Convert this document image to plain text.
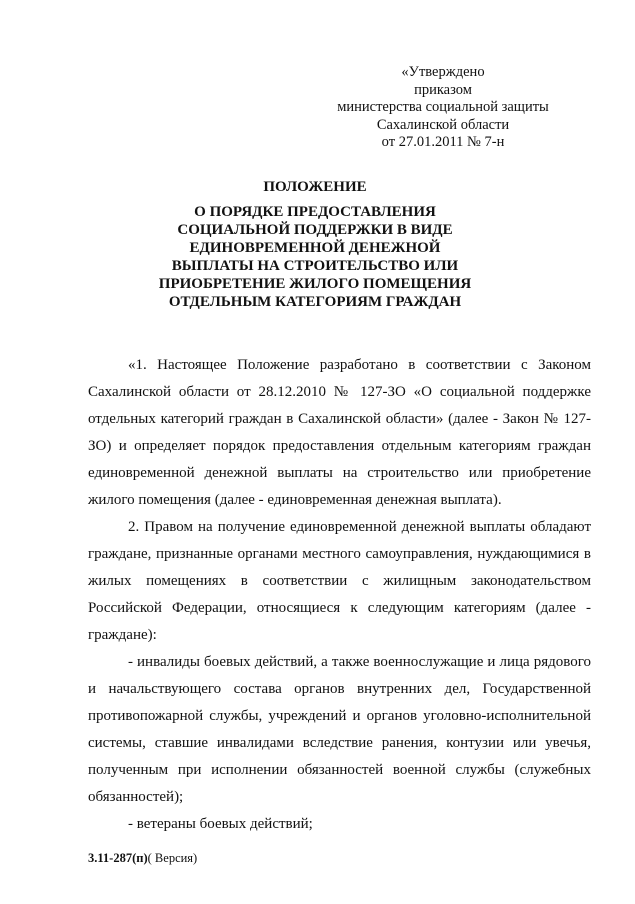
«Утверждено
приказом
министерства социальной защиты
Сахалинской области
от 27.01.2011 № 7-н
ПОЛОЖЕНИЕ
О ПОРЯДКЕ ПРЕДОСТАВЛЕНИЯ
СОЦИАЛЬНОЙ ПОДДЕРЖКИ В ВИДЕ
ЕДИНОВРЕМЕННОЙ ДЕНЕЖНОЙ
ВЫПЛАТЫ НА СТРОИТЕЛЬСТВО ИЛИ
ПРИОБРЕТЕНИЕ ЖИЛОГО ПОМЕЩЕНИЯ
ОТДЕЛЬНЫМ КАТЕГОРИЯМ ГРАЖДАН

«1. Настоящее Положение разработано в соответствии с Законом Сахалинской области от 28.12.2010 № 127-ЗО «О социальной поддержке отдельных категорий граждан в Сахалинской области» (далее - Закон № 127-ЗО) и определяет порядок предоставления отдельным категориям граждан единовременной денежной выплаты на строительство или приобретение жилого помещения (далее - единовременная денежная выплата).

2. Правом на получение единовременной денежной выплаты обладают граждане, признанные органами местного самоуправления, нуждающимися в жилых помещениях в соответствии с жилищным законодательством Российской Федерации, относящиеся к следующим категориям (далее - граждане):

- инвалиды боевых действий, а также военнослужащие и лица рядового и начальствующего состава органов внутренних дел, Государственной противопожарной службы, учреждений и органов уголовно-исполнительной системы, ставшие инвалидами вследствие ранения, контузии или увечья, полученным при исполнении обязанностей военной службы (служебных обязанностей);

- ветераны боевых действий;

3.11-287(п)( Версия)
